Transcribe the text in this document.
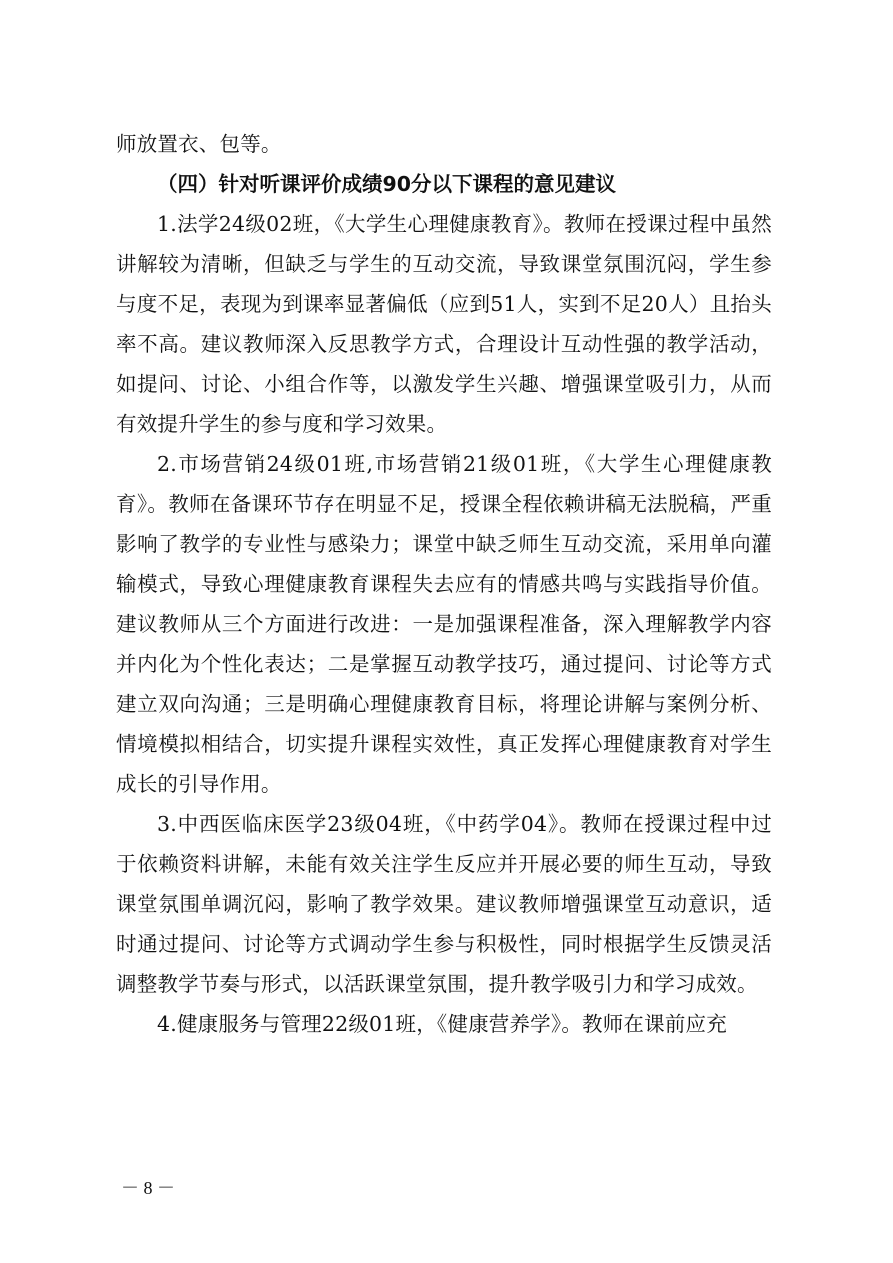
师放置衣、包等。

（四）针对听课评价成绩90分以下课程的意见建议

1.法学24级02班，《大学生心理健康教育》。教师在授课过程中虽然讲解较为清晰，但缺乏与学生的互动交流，导致课堂氛围沉闷，学生参与度不足，表现为到课率显著偏低（应到51人，实到不足20人）且抬头率不高。建议教师深入反思教学方式，合理设计互动性强的教学活动，如提问、讨论、小组合作等，以激发学生兴趣、增强课堂吸引力，从而有效提升学生的参与度和学习效果。

2.市场营销24级01班,市场营销21级01班，《大学生心理健康教育》。教师在备课环节存在明显不足，授课全程依赖讲稿无法脱稿，严重影响了教学的专业性与感染力；课堂中缺乏师生互动交流，采用单向灌输模式，导致心理健康教育课程失去应有的情感共鸣与实践指导价值。建议教师从三个方面进行改进：一是加强课程准备，深入理解教学内容并内化为个性化表达；二是掌握互动教学技巧，通过提问、讨论等方式建立双向沟通；三是明确心理健康教育目标，将理论讲解与案例分析、情境模拟相结合，切实提升课程实效性，真正发挥心理健康教育对学生成长的引导作用。

3.中西医临床医学23级04班，《中药学04》。教师在授课过程中过于依赖资料讲解，未能有效关注学生反应并开展必要的师生互动，导致课堂氛围单调沉闷，影响了教学效果。建议教师增强课堂互动意识，适时通过提问、讨论等方式调动学生参与积极性，同时根据学生反馈灵活调整教学节奏与形式，以活跃课堂氛围，提升教学吸引力和学习成效。

4.健康服务与管理22级01班，《健康营养学》。教师在课前应充

－ 8 －
